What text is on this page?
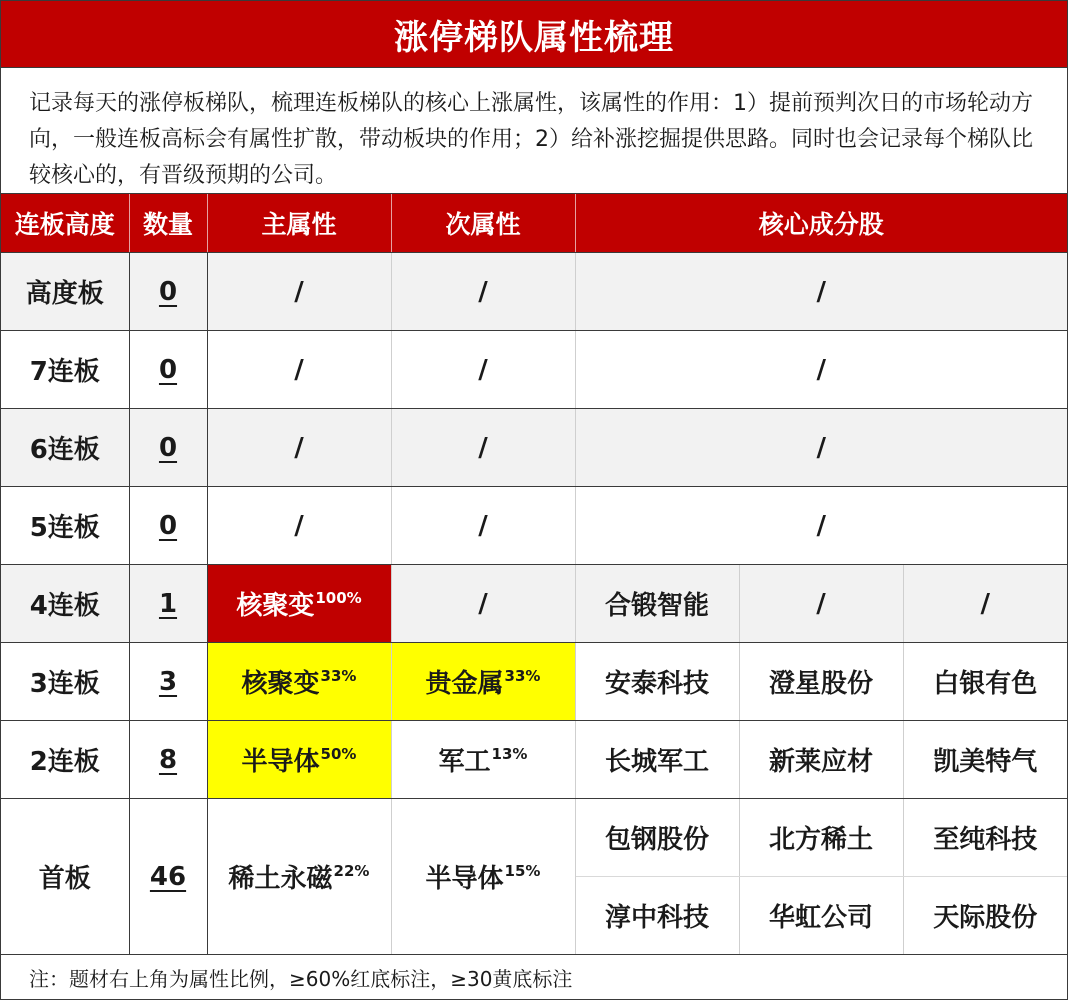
涨停梯队属性梳理
记录每天的涨停板梯队，梳理连板梯队的核心上涨属性，该属性的作用：1）提前预判次日的市场轮动方向，一般连板高标会有属性扩散，带动板块的作用；2）给补涨挖掘提供思路。同时也会记录每个梯队比较核心的，有晋级预期的公司。
连板高度	数量	主属性	次属性	核心成分股		
高度板	0	/	/	/		
7连板	0	/	/	/		
6连板	0	/	/	/		
5连板	0	/	/	/		
4连板	1	核聚变$^{100\%}$	/	合锻智能	/	/
3连板	3	核聚变$^{33\%}$	贵金属$^{33\%}$	安泰科技	澄星股份	白银有色
2连板	8	半导体$^{50\%}$	军工$^{13\%}$	长城军工	新莱应材	凯美特气
首板	46	稀土永磁$^{22\%}$	半导体$^{15\%}$	包钢股份	北方稀土	至纯科技
				淳中科技	华虹公司	天际股份
注：题材右上角为属性比例，≥60%红底标注，≥30黄底标注
